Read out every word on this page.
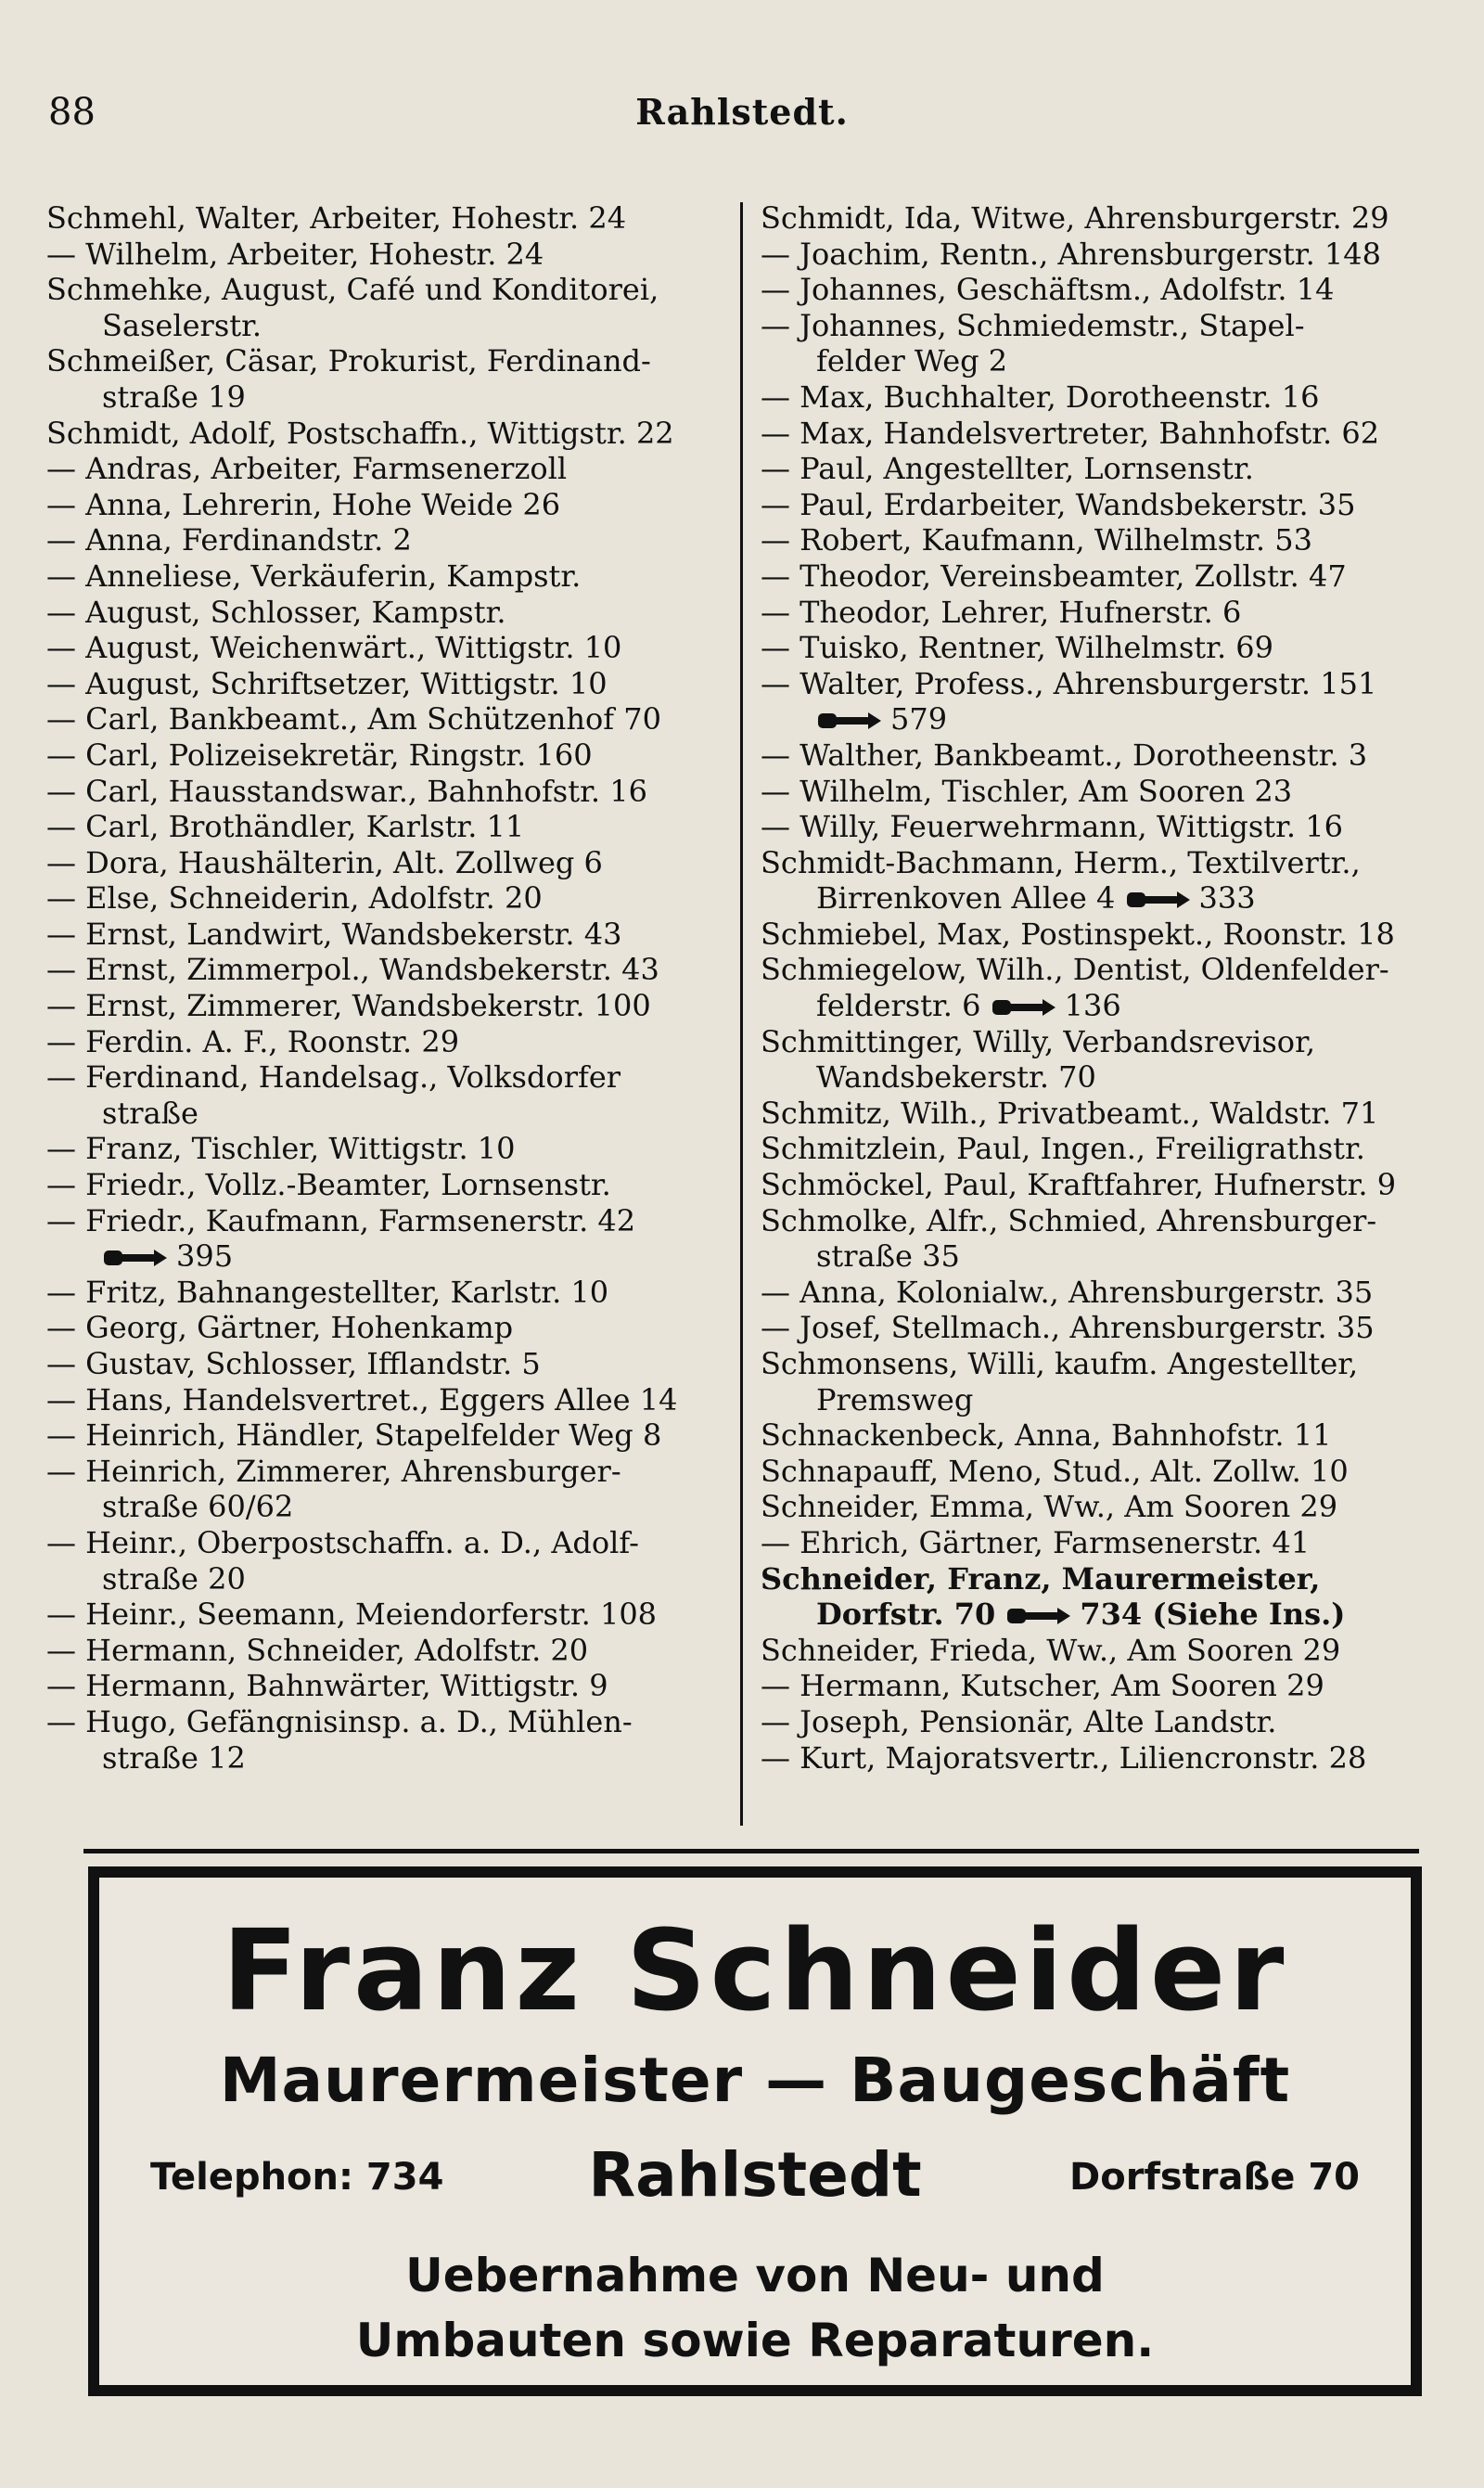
88	Rahlstedt.
Schmehl, Walter, Arbeiter, Hohestr. 24
— Wilhelm, Arbeiter, Hohestr. 24
Schmehke, August, Café und Konditorei,
Saselerstr.
Schmeißer, Cäsar, Prokurist, Ferdinand-
straße 19
Schmidt, Adolf, Postschaffn., Wittigstr. 22
— Andras, Arbeiter, Farmsenerzoll
— Anna, Lehrerin, Hohe Weide 26
— Anna, Ferdinandstr. 2
— Anneliese, Verkäuferin, Kampstr.
— August, Schlosser, Kampstr.
— August, Weichenwärt., Wittigstr. 10
— August, Schriftsetzer, Wittigstr. 10
— Carl, Bankbeamt., Am Schützenhof 70
— Carl, Polizeisekretär, Ringstr. 160
— Carl, Hausstandswar., Bahnhofstr. 16
— Carl, Brothändler, Karlstr. 11
— Dora, Haushälterin, Alt. Zollweg 6
— Else, Schneiderin, Adolfstr. 20
— Ernst, Landwirt, Wandsbekerstr. 43
— Ernst, Zimmerpol., Wandsbekerstr. 43
— Ernst, Zimmerer, Wandsbekerstr. 100
— Ferdin. A. F., Roonstr. 29
— Ferdinand, Handelsag., Volksdorfer
straße
— Franz, Tischler, Wittigstr. 10
— Friedr., Vollz.-Beamter, Lornsenstr.
— Friedr., Kaufmann, Farmsenerstr. 42
395
— Fritz, Bahnangestellter, Karlstr. 10
— Georg, Gärtner, Hohenkamp
— Gustav, Schlosser, Ifflandstr. 5
— Hans, Handelsvertret., Eggers Allee 14
— Heinrich, Händler, Stapelfelder Weg 8
— Heinrich, Zimmerer, Ahrensburger-
straße 60/62
— Heinr., Oberpostschaffn. a. D., Adolf-
straße 20
— Heinr., Seemann, Meiendorferstr. 108
— Hermann, Schneider, Adolfstr. 20
— Hermann, Bahnwärter, Wittigstr. 9
— Hugo, Gefängnisinsp. a. D., Mühlen-
straße 12
Schmidt, Ida, Witwe, Ahrensburgerstr. 29
— Joachim, Rentn., Ahrensburgerstr. 148
— Johannes, Geschäftsm., Adolfstr. 14
— Johannes, Schmiedemstr., Stapel-
felder Weg 2
— Max, Buchhalter, Dorotheenstr. 16
— Max, Handelsvertreter, Bahnhofstr. 62
— Paul, Angestellter, Lornsenstr.
— Paul, Erdarbeiter, Wandsbekerstr. 35
— Robert, Kaufmann, Wilhelmstr. 53
— Theodor, Vereinsbeamter, Zollstr. 47
— Theodor, Lehrer, Hufnerstr. 6
— Tuisko, Rentner, Wilhelmstr. 69
— Walter, Profess., Ahrensburgerstr. 151
579
— Walther, Bankbeamt., Dorotheenstr. 3
— Wilhelm, Tischler, Am Sooren 23
— Willy, Feuerwehrmann, Wittigstr. 16
Schmidt-Bachmann, Herm., Textilvertr.,
Birrenkoven Allee 4	333
Schmiebel, Max, Postinspekt., Roonstr. 18
Schmiegelow, Wilh., Dentist, Oldenfelder-
felderstr. 6	136
Schmittinger, Willy, Verbandsrevisor,
Wandsbekerstr. 70
Schmitz, Wilh., Privatbeamt., Waldstr. 71
Schmitzlein, Paul, Ingen., Freiligrathstr.
Schmöckel, Paul, Kraftfahrer, Hufnerstr. 9
Schmolke, Alfr., Schmied, Ahrensburger-
straße 35
— Anna, Kolonialw., Ahrensburgerstr. 35
— Josef, Stellmach., Ahrensburgerstr. 35
Schmonsens, Willi, kaufm. Angestellter,
Premsweg
Schnackenbeck, Anna, Bahnhofstr. 11
Schnapauff, Meno, Stud., Alt. Zollw. 10
Schneider, Emma, Ww., Am Sooren 29
— Ehrich, Gärtner, Farmsenerstr. 41
Schneider, Franz, Maurermeister,
Dorfstr. 70	734 (Siehe Ins.)
Schneider, Frieda, Ww., Am Sooren 29
— Hermann, Kutscher, Am Sooren 29
— Joseph, Pensionär, Alte Landstr.
— Kurt, Majoratsvertr., Liliencronstr. 28
Franz Schneider
Maurermeister — Baugeschäft
Telephon: 734	Rahlstedt	Dorfstraße 70
Uebernahme von Neu- und
Umbauten sowie Reparaturen.
